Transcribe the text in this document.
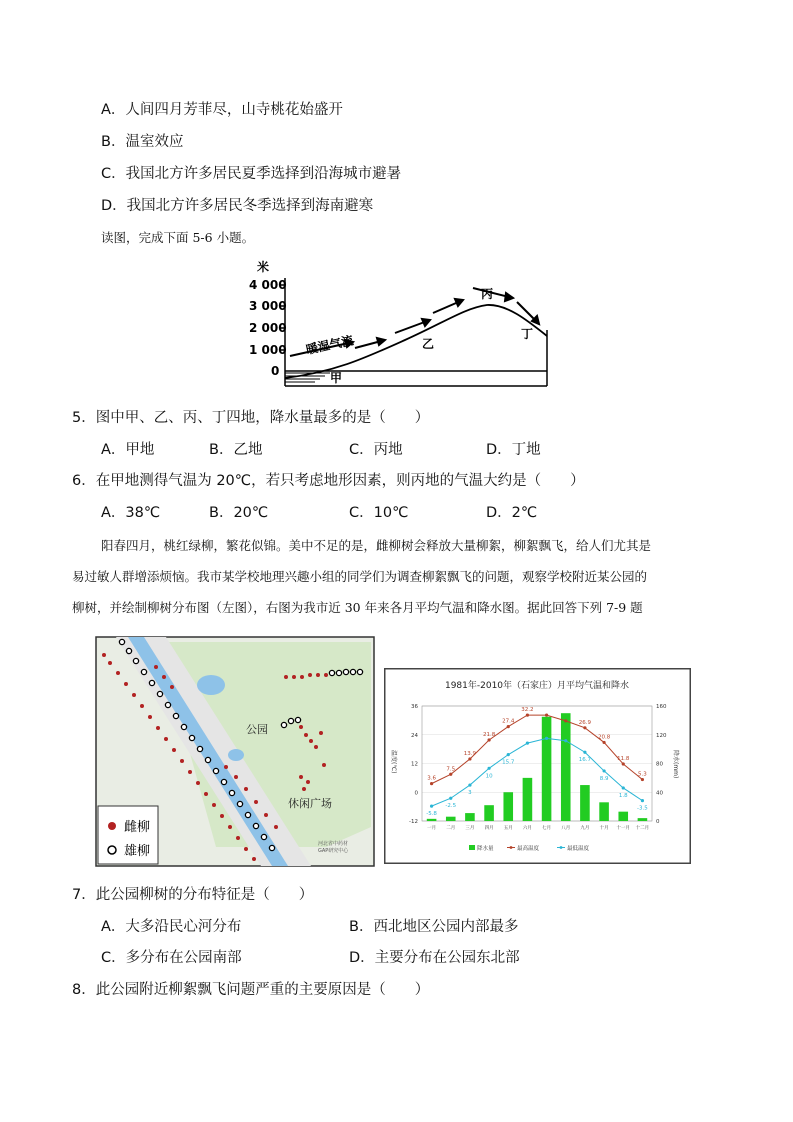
A．人间四月芳菲尽，山寺桃花始盛开
B．温室效应
C．我国北方许多居民夏季选择到沿海城市避暑
D．我国北方许多居民冬季选择到海南避寒
读图，完成下面 5-6 小题。
米
4 000
3 000
2 000
1 000
0
暖湿气流
甲
乙
丙
丁
5．图中甲、乙、丙、丁四地，降水量最多的是（　　）
A．甲地	B．乙地	C．丙地	D．丁地
6．在甲地测得气温为 20℃，若只考虑地形因素，则丙地的气温大约是（　　）
A．38℃	B．20℃	C．10℃	D．2℃
阳春四月，桃红绿柳，繁花似锦。美中不足的是，雌柳树会释放大量柳絮，柳絮飘飞，给人们尤其是
易过敏人群增添烦恼。我市某学校地理兴趣小组的同学们为调查柳絮飘飞的问题，观察学校附近某公园的
柳树，并绘制柳树分布图（左图），右图为我市近 30 年来各月平均气温和降水图。据此回答下列 7-9 题
公园
休闲广场
河北省中药材
GAP研究中心
雌柳
雄柳
1981年-2010年（石家庄）月平均气温和降水
36
24
12
0
-12
160
120
80
40
0
一月 二月 三月 四月 五月 六月 七月 八月 九月 十月 十一月 十二月
3.6
7.5
13.9
21.8
27.4
32.2
26.9
20.8
11.8
5.3
-5.8
-2.5
3
10
15.7	16.7
8.9
1.8
-3.5
降水量	最高温度	最低温度
温度(℃)	降水(mm)
7．此公园柳树的分布特征是（　　）
A．大多沿民心河分布	B．西北地区公园内部最多
C．多分布在公园南部	D．主要分布在公园东北部
8．此公园附近柳絮飘飞问题严重的主要原因是（　　）
